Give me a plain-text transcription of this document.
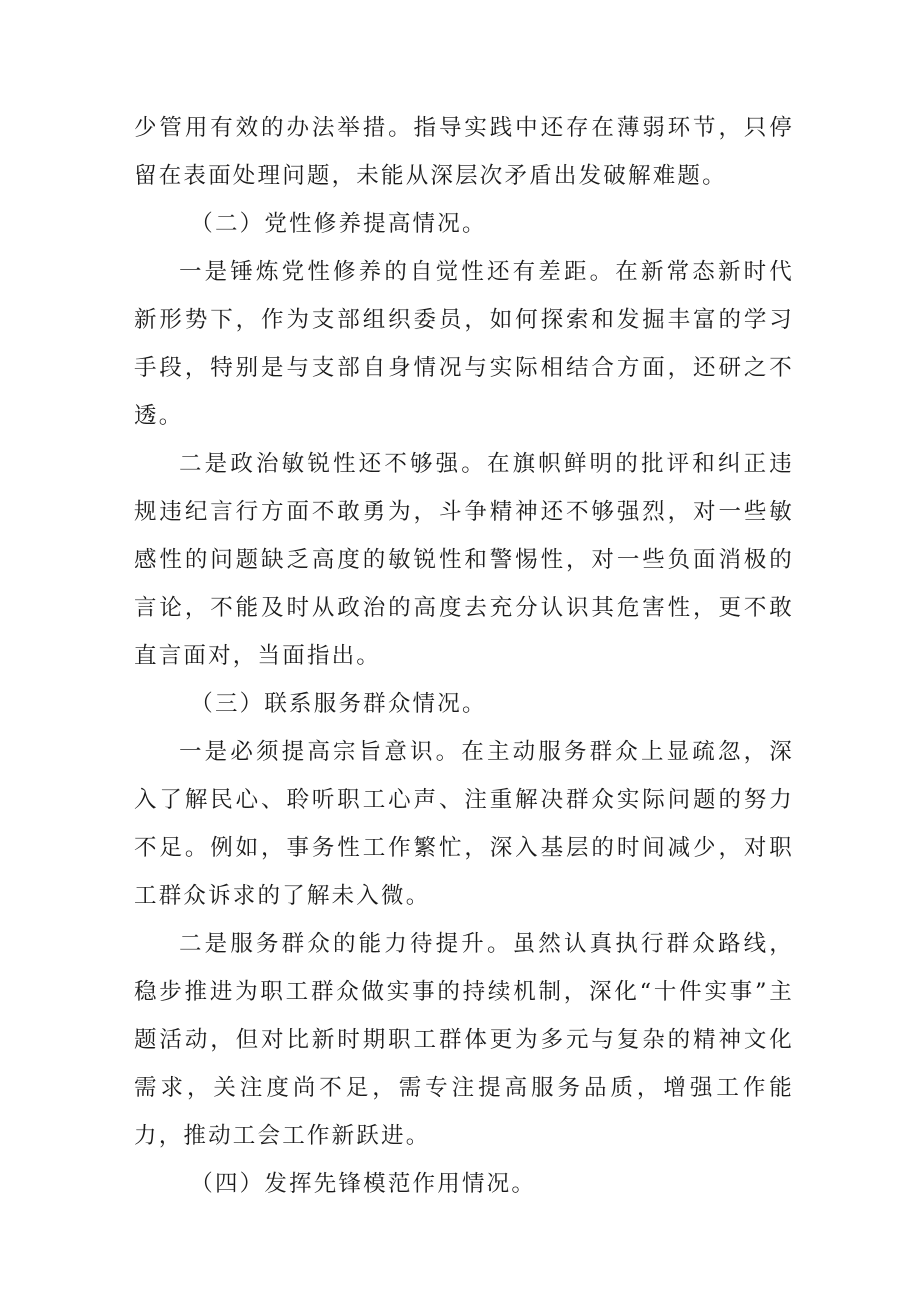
少管用有效的办法举措。指导实践中还存在薄弱环节，只停留在表面处理问题，未能从深层次矛盾出发破解难题。

（二）党性修养提高情况。

一是锤炼党性修养的自觉性还有差距。在新常态新时代新形势下，作为支部组织委员，如何探索和发掘丰富的学习手段，特别是与支部自身情况与实际相结合方面，还研之不透。

二是政治敏锐性还不够强。在旗帜鲜明的批评和纠正违规违纪言行方面不敢勇为，斗争精神还不够强烈，对一些敏感性的问题缺乏高度的敏锐性和警惕性，对一些负面消极的言论，不能及时从政治的高度去充分认识其危害性，更不敢直言面对，当面指出。

（三）联系服务群众情况。

一是必须提高宗旨意识。在主动服务群众上显疏忽，深入了解民心、聆听职工心声、注重解决群众实际问题的努力不足。例如，事务性工作繁忙，深入基层的时间减少，对职工群众诉求的了解未入微。

二是服务群众的能力待提升。虽然认真执行群众路线，稳步推进为职工群众做实事的持续机制，深化“十件实事”主题活动，但对比新时期职工群体更为多元与复杂的精神文化需求，关注度尚不足，需专注提高服务品质，增强工作能力，推动工会工作新跃进。

（四）发挥先锋模范作用情况。
